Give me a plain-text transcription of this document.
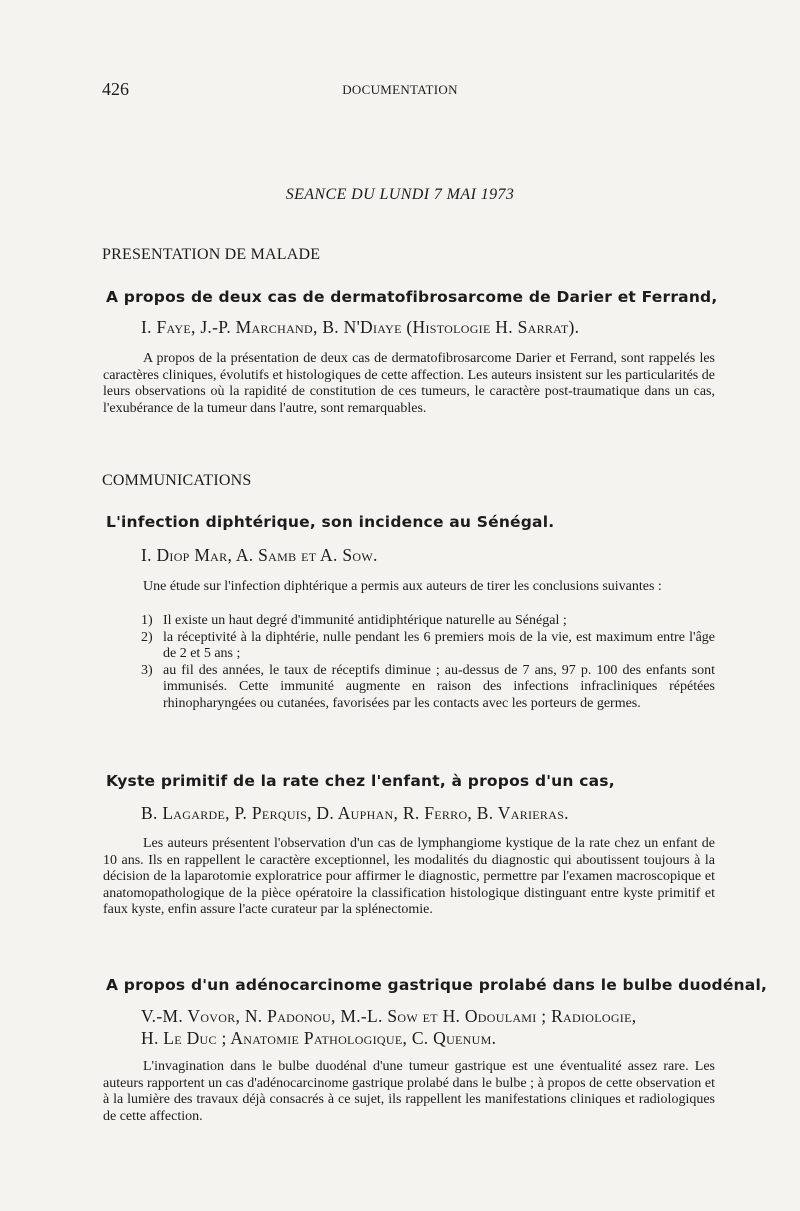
426	DOCUMENTATION
SEANCE DU LUNDI 7 MAI 1973
PRESENTATION DE MALADE
A propos de deux cas de dermatofibrosarcome de Darier et Ferrand,
I. Faye, J.-P. Marchand, B. N'Diaye (Histologie H. Sarrat).

A propos de la présentation de deux cas de dermatofibrosarcome Darier et Ferrand, sont rappelés les caractères cliniques, évolutifs et histologiques de cette affection. Les auteurs insistent sur les particularités de leurs observations où la rapidité de constitution de ces tumeurs, le caractère post-traumatique dans un cas, l'exubérance de la tumeur dans l'autre, sont remarquables.

COMMUNICATIONS
L'infection diphtérique, son incidence au Sénégal.
I. Diop Mar, A. Samb et A. Sow.

Une étude sur l'infection diphtérique a permis aux auteurs de tirer les conclusions suivantes :

1) Il existe un haut degré d'immunité antidiphtérique naturelle au Sénégal ;
2) la réceptivité à la diphtérie, nulle pendant les 6 premiers mois de la vie, est maximum entre l'âge de 2 et 5 ans ;
3) au fil des années, le taux de réceptifs diminue ; au-dessus de 7 ans, 97 p. 100 des enfants sont immunisés. Cette immunité augmente en raison des infections infracliniques répétées rhinopharyngées ou cutanées, favorisées par les contacts avec les porteurs de germes.
Kyste primitif de la rate chez l'enfant, à propos d'un cas,
B. Lagarde, P. Perquis, D. Auphan, R. Ferro, B. Varieras.

Les auteurs présentent l'observation d'un cas de lymphangiome kystique de la rate chez un enfant de 10 ans. Ils en rappellent le caractère exceptionnel, les modalités du diagnostic qui aboutissent toujours à la décision de la laparotomie exploratrice pour affirmer le diagnostic, permettre par l'examen macroscopique et anatomopathologique de la pièce opératoire la classification histologique distinguant entre kyste primitif et faux kyste, enfin assure l'acte curateur par la splénectomie.

A propos d'un adénocarcinome gastrique prolabé dans le bulbe duodénal,
V.-M. Vovor, N. Padonou, M.-L. Sow et H. Odoulami ; Radiologie,
H. Le Duc ; Anatomie Pathologique, C. Quenum.

L'invagination dans le bulbe duodénal d'une tumeur gastrique est une éventualité assez rare. Les auteurs rapportent un cas d'adénocarcinome gastrique prolabé dans le bulbe ; à propos de cette observation et à la lumière des travaux déjà consacrés à ce sujet, ils rappellent les manifestations cliniques et radiologiques de cette affection.
